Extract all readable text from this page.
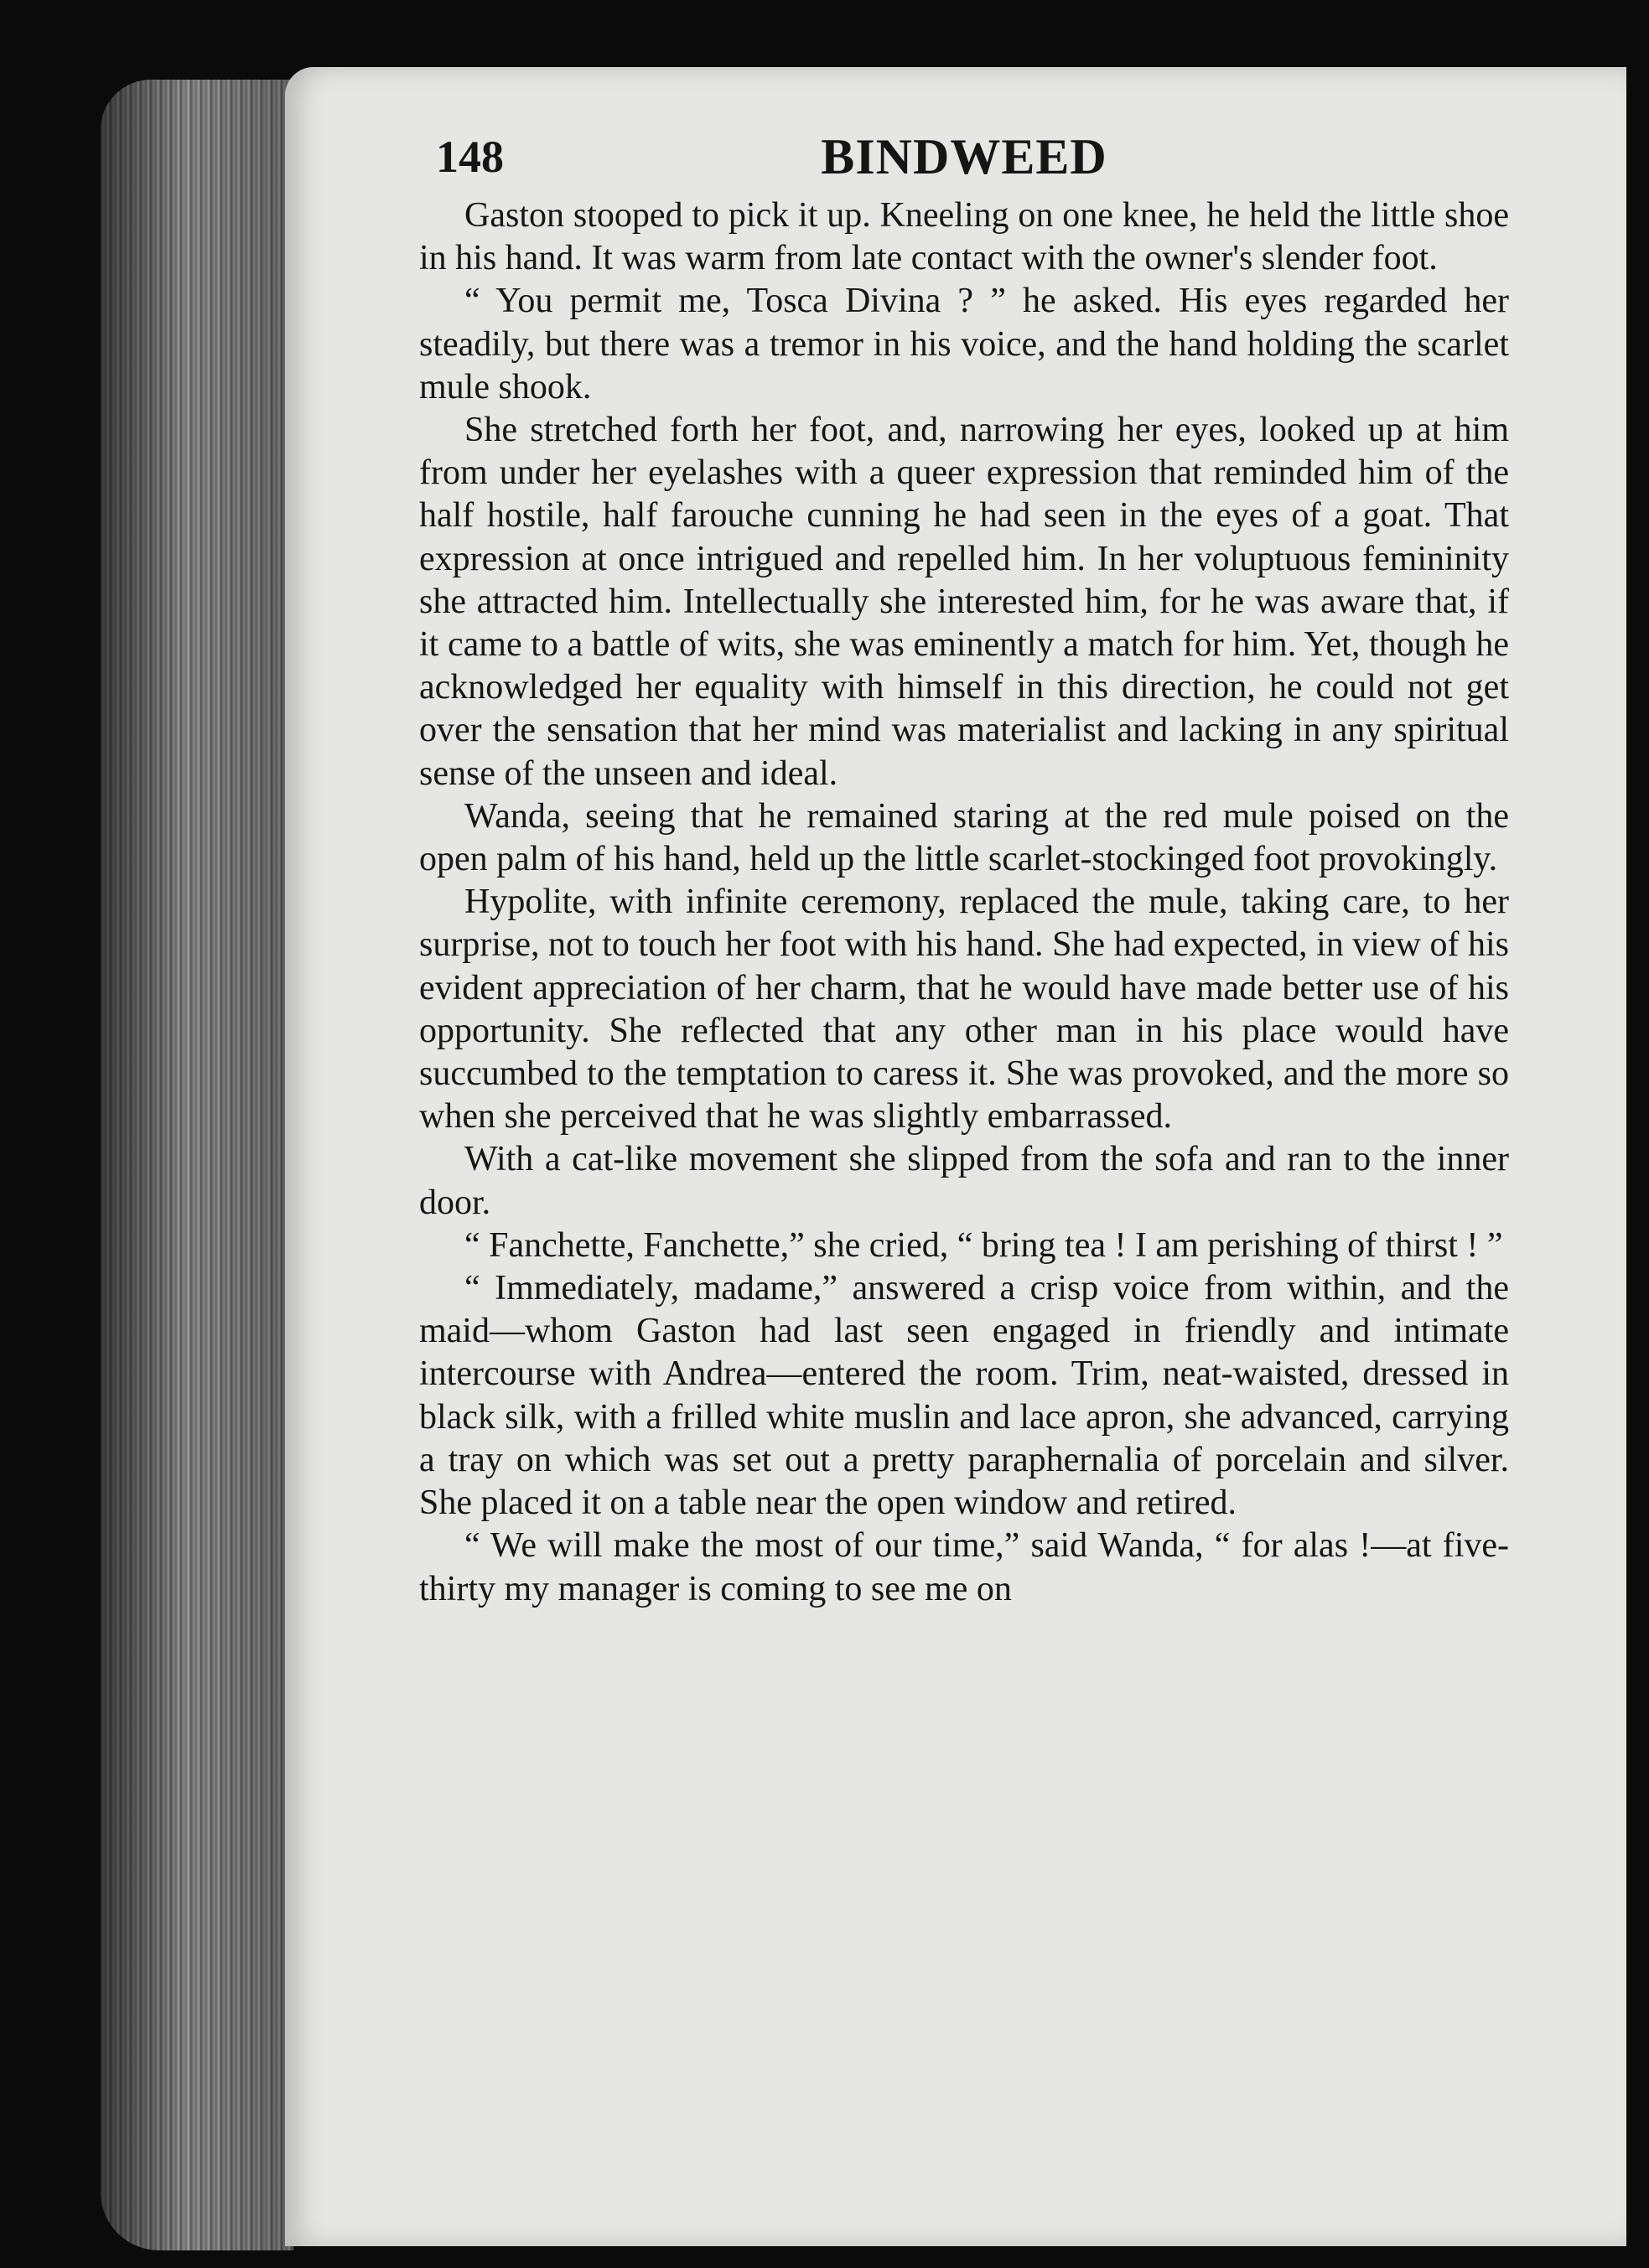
148	BINDWEED

Gaston stooped to pick it up. Kneeling on one knee, he held the little shoe in his hand. It was warm from late contact with the owner's slender foot.

“ You permit me, Tosca Divina ? ” he asked. His eyes regarded her steadily, but there was a tremor in his voice, and the hand holding the scarlet mule shook.

She stretched forth her foot, and, narrowing her eyes, looked up at him from under her eyelashes with a queer expression that reminded him of the half hostile, half farouche cunning he had seen in the eyes of a goat. That expression at once intrigued and repelled him. In her voluptuous femininity she attracted him. Intellectually she interested him, for he was aware that, if it came to a battle of wits, she was eminently a match for him. Yet, though he acknowledged her equality with himself in this direction, he could not get over the sensation that her mind was materialist and lacking in any spiritual sense of the unseen and ideal.

Wanda, seeing that he remained staring at the red mule poised on the open palm of his hand, held up the little scarlet-stockinged foot provokingly.

Hypolite, with infinite ceremony, replaced the mule, taking care, to her surprise, not to touch her foot with his hand. She had expected, in view of his evident appreciation of her charm, that he would have made better use of his opportunity. She reflected that any other man in his place would have succumbed to the temptation to caress it. She was provoked, and the more so when she perceived that he was slightly embarrassed.

With a cat-like movement she slipped from the sofa and ran to the inner door.

“ Fanchette, Fanchette,” she cried, “ bring tea ! I am perishing of thirst ! ”

“ Immediately, madame,” answered a crisp voice from within, and the maid—whom Gaston had last seen engaged in friendly and intimate intercourse with Andrea—entered the room. Trim, neat-waisted, dressed in black silk, with a frilled white muslin and lace apron, she advanced, carrying a tray on which was set out a pretty paraphernalia of porcelain and silver. She placed it on a table near the open window and retired.

“ We will make the most of our time,” said Wanda, “ for alas !—at five-thirty my manager is coming to see me on
